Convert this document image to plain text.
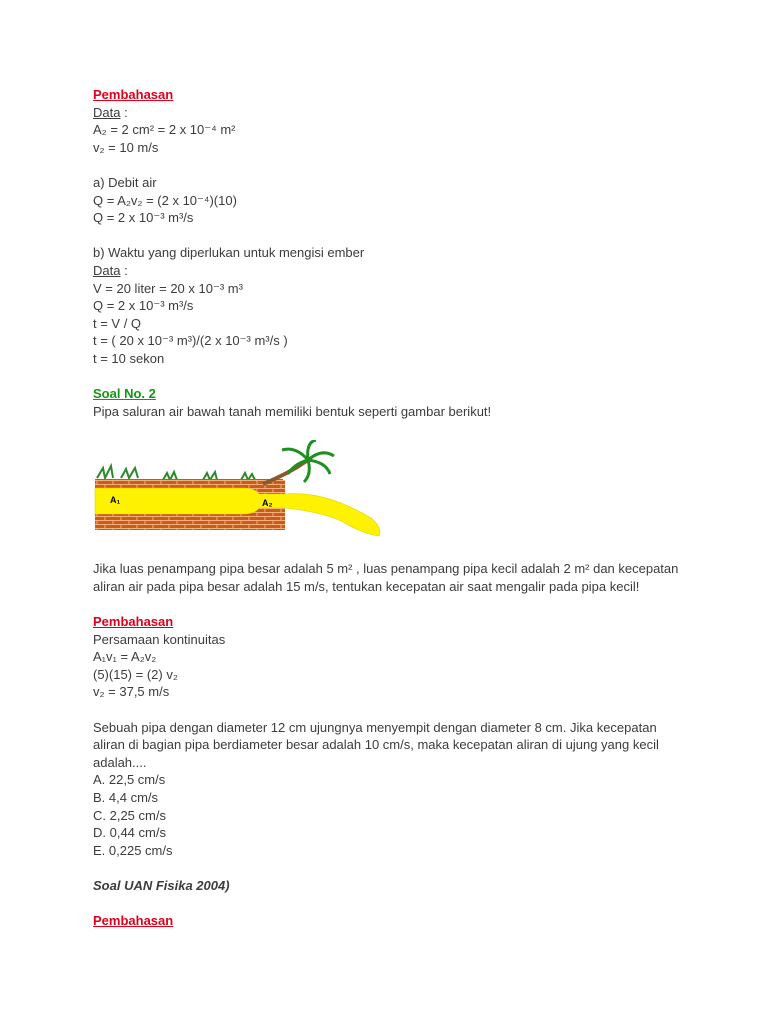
Pembahasan
Data :
A₂ = 2 cm² = 2 x 10⁻⁴ m²
v₂ = 10 m/s
a) Debit air
Q = A₂v₂ = (2 x 10⁻⁴)(10)
Q = 2 x 10⁻³ m³/s
b) Waktu yang diperlukan untuk mengisi ember
Data :
V = 20 liter = 20 x 10⁻³ m³
Q = 2 x 10⁻³ m³/s
t = V / Q
t = ( 20 x 10⁻³ m³)/(2 x 10⁻³ m³/s )
t = 10 sekon
Soal No. 2
Pipa saluran air bawah tanah memiliki bentuk seperti gambar berikut!
Jika luas penampang pipa besar adalah 5 m² , luas penampang pipa kecil adalah 2 m² dan kecepatan aliran air pada pipa besar adalah 15 m/s, tentukan kecepatan air saat mengalir pada pipa kecil!
Pembahasan
Persamaan kontinuitas
A₁v₁ = A₂v₂
(5)(15) = (2) v₂
v₂ = 37,5 m/s
Sebuah pipa dengan diameter 12 cm ujungnya menyempit dengan diameter 8 cm. Jika kecepatan aliran di bagian pipa berdiameter besar adalah 10 cm/s, maka kecepatan aliran di ujung yang kecil adalah....
A. 22,5 cm/s
B. 4,4 cm/s
C. 2,25 cm/s
D. 0,44 cm/s
E. 0,225 cm/s
Soal UAN Fisika 2004)
Pembahasan
A₁	A₂
